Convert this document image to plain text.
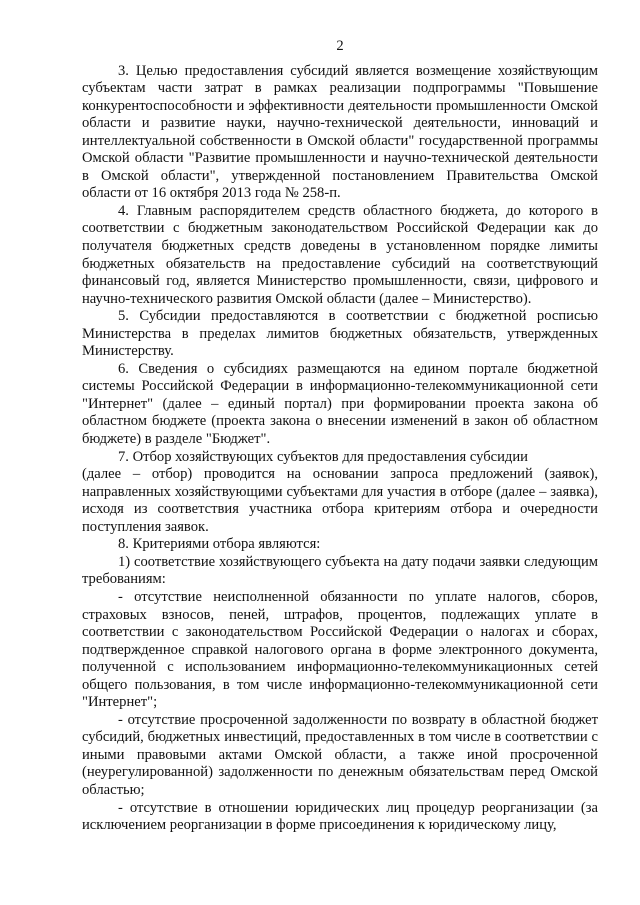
2

3. Целью предоставления субсидий является возмещение хозяйствующим субъектам части затрат в рамках реализации подпрограммы "Повышение конкурентоспособности и эффективности деятельности промышленности Омской области и развитие науки, научно-технической деятельности, инноваций и интеллектуальной собственности в Омской области" государственной программы Омской области "Развитие промышленности и научно-технической деятельности в Омской области", утвержденной постановлением Правительства Омской области от 16 октября 2013 года № 258-п.

4. Главным распорядителем средств областного бюджета, до которого в соответствии с бюджетным законодательством Российской Федерации как до получателя бюджетных средств доведены в установленном порядке лимиты бюджетных обязательств на предоставление субсидий на соответствующий финансовый год, является Министерство промышленности, связи, цифрового и научно-технического развития Омской области (далее – Министерство).

5. Субсидии предоставляются в соответствии с бюджетной росписью Министерства в пределах лимитов бюджетных обязательств, утвержденных Министерству.

6. Сведения о субсидиях размещаются на едином портале бюджетной системы Российской Федерации в информационно-телекоммуникационной сети "Интернет" (далее – единый портал) при формировании проекта закона об областном бюджете (проекта закона о внесении изменений в закон об областном бюджете) в разделе "Бюджет".

7. Отбор хозяйствующих субъектов для предоставления субсидии

(далее – отбор) проводится на основании запроса предложений (заявок), направленных хозяйствующими субъектами для участия в отборе (далее – заявка), исходя из соответствия участника отбора критериям отбора и очередности поступления заявок.

8. Критериями отбора являются:

1) соответствие хозяйствующего субъекта на дату подачи заявки следующим требованиям:

- отсутствие неисполненной обязанности по уплате налогов, сборов, страховых взносов, пеней, штрафов, процентов, подлежащих уплате в соответствии с законодательством Российской Федерации о налогах и сборах, подтвержденное справкой налогового органа в форме электронного документа, полученной с использованием информационно-телекоммуникационных сетей общего пользования, в том числе информационно-телекоммуникационной сети "Интернет";

- отсутствие просроченной задолженности по возврату в областной бюджет субсидий, бюджетных инвестиций, предоставленных в том числе в соответствии с иными правовыми актами Омской области, а также иной просроченной (неурегулированной) задолженности по денежным обязательствам перед Омской областью;

- отсутствие в отношении юридических лиц процедур реорганизации (за исключением реорганизации в форме присоединения к юридическому лицу,
